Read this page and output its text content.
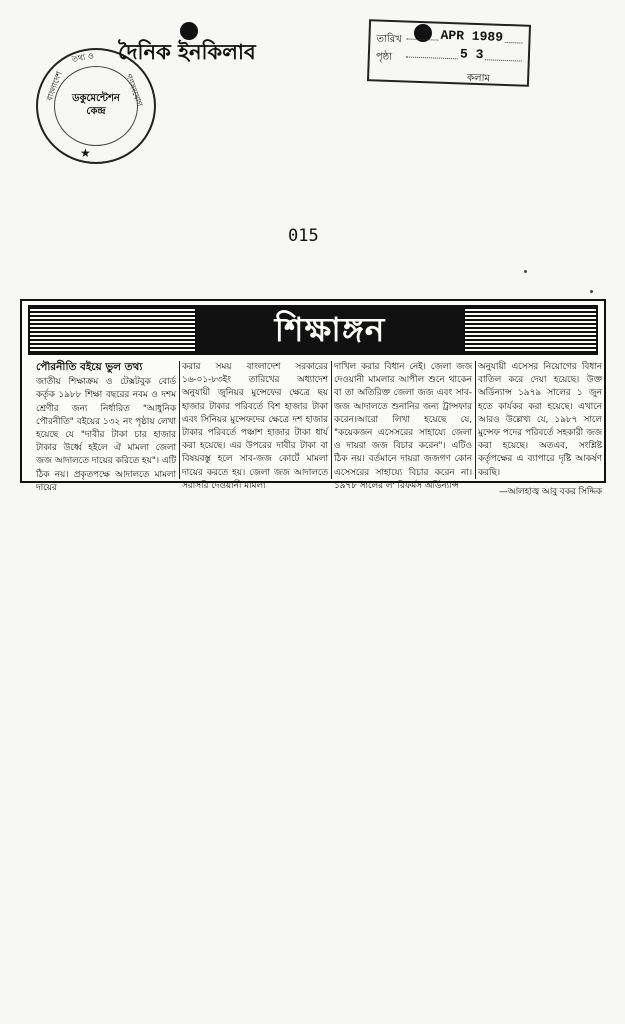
বাংলাদেশ
তথ্য ও
গণসংযোগ
ডকুমেন্টেশন
কেন্দ্র
★
দৈনিক ইনকিলাব
তারিখ	APR 1989
পৃষ্ঠা	5 3
কলাম
015
শিক্ষাঙ্গন
পৌরনীতি বইয়ে ভুল তথ্য

জাতীয় শিক্ষাক্রম ও টেক্সটবুক বোর্ড কর্তৃক ১৯৮৮ শিক্ষা বছরের নবম ও দশম শ্রেণীর জন্য নির্ধারিত "আধুনিক পৌরনীতি" বইয়ের ১৩২ নং পৃষ্ঠায় লেখা হয়েছে যে "দাবীর টাকা চার হাজার টাকার উর্ধ্বে হইলে ঐ মামলা জেলা জজ আদালতে দায়ের করিতে হয়"। এটি ঠিক নয়। প্রকৃতপক্ষে আদালতে মামলা দায়ের

করার সময় বাংলাদেশ সরকারের ১৬-০১-৮৩ইং তারিখের অধ্যাদেশ অনুযায়ী জুনিয়র মুন্সেফের ক্ষেত্রে ছয় হাজার টাকার পরিবর্তে বিশ হাজার টাকা এবং সিনিয়র মুন্সেফদের ক্ষেত্রে দশ হাজার টাকার পরিবর্তে পঞ্চাশ হাজার টাকা ধার্য করা হয়েছে। এর উপরের দাবীর টাকা বা বিষয়বস্তু হলে সাব-জজ কোর্টে মামলা দায়ের করতে হয়। জেলা জজ আদালতে সরাসরি দেওয়ানী মামলা

দাখিল করার বিধান নেই। জেলা জজ দেওয়ানী মামলার আপীল শুনে থাকেন বা তা অতিরিক্ত জেলা জজ এবং সাব-জজ আদালতে শুনানির জন্য ট্রান্সফার করেন।আরো লিখা হয়েছে যে, "কয়েকজন এসেসরের সাহায্যে জেলা ও দায়রা জজ বিচার করেন"। এটিও ঠিক নয়। বর্তমানে দায়রা জজগণ কোন এসেসরের সাহায্যে বিচার করেন না। ১৯৭৮ সালের ল' রিফর্মস অর্ডিন্যান্স

অনুযায়ী এসেসর নিয়োগের বিধান বাতিল করে দেয়া হয়েছে। উক্ত অর্ডিন্যান্স ১৯৭৯ সালের ১ জুন হতে কার্যকর করা হয়েছে। এখানে আরও উল্লেখ্য যে, ১৯৮৭ সালে মুন্সেফ পদের পরিবর্তে সহকারী জজ করা হয়েছে। অতএব, সংশ্লিষ্ট কর্তৃপক্ষের এ ব্যাপারে দৃষ্টি আকর্ষণ করছি।

—আলহাজ্ব আবু বকর সিদ্দিক
